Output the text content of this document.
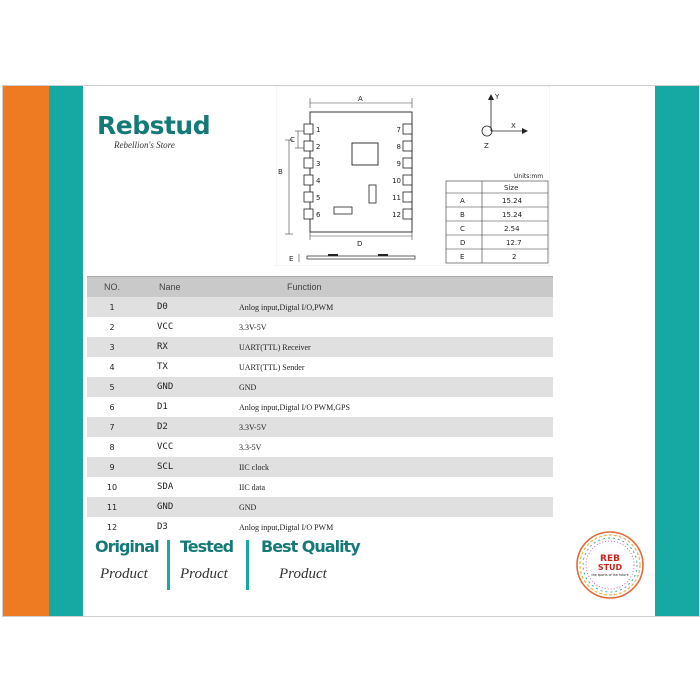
Rebstud
Rebellion's Store
A
B
C
1
2
3
4
5
6
7
8
9
10
11
12
D
E
Y
X
Z
Units:mm
Size
A	15.24
B	15.24
C	2.54
D	12.7
E	2
NO.	Nane	Function
1	D0	Anlog input,Digtal I/O,PWM
2	VCC	3.3V-5V
3	RX	UART(TTL) Receiver
4	TX	UART(TTL) Sender
5	GND	GND
6	D1	Anlog input,Digtal I/O PWM,GPS
7	D2	3.3V-5V
8	VCC	3.3-5V
9	SCL	IIC clock
10	SDA	IIC data
11	GND	GND
12	D3	Anlog input,Digtal I/O PWM
Original
Product
Tested
Product
Best Quality
Product
REB
STUD
the sports of the future
